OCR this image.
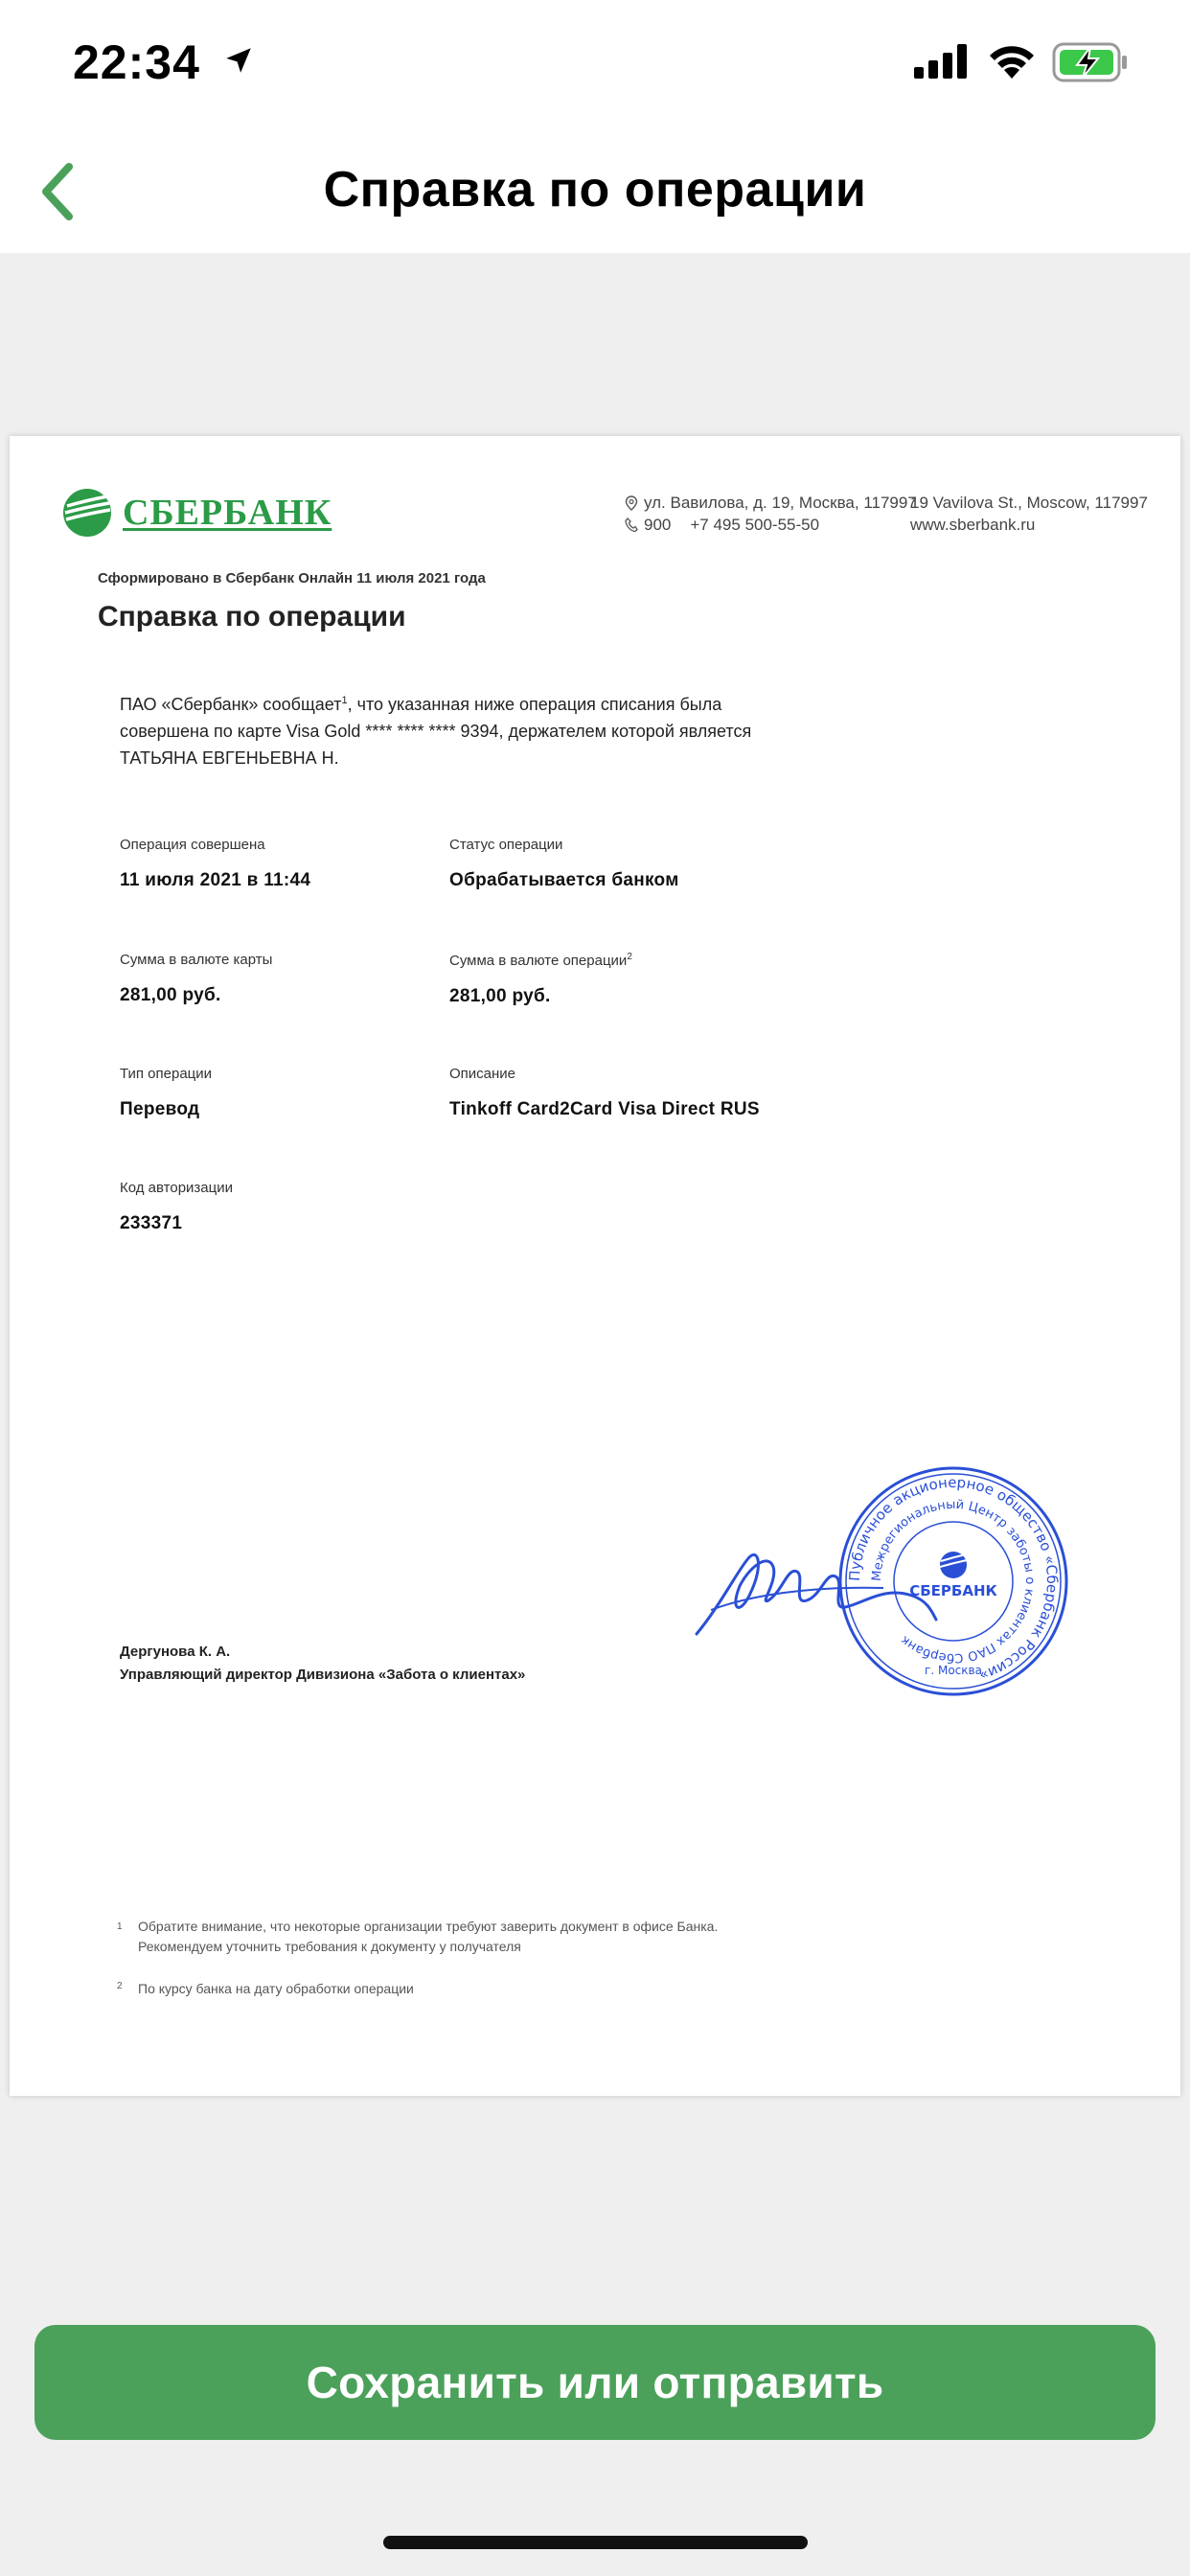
22:34
Справка по операции
СБЕРБАНК	ул. Вавилова, д. 19, Москва, 117997
900 +7 495 500-55-50
19 Vavilova St., Moscow, 117997
www.sberbank.ru
Сформировано в Сбербанк Онлайн 11 июля 2021 года
Справка по операции
ПАО «Сбербанк» сообщает$^1$, что указанная ниже операция списания была совершена по карте Visa Gold **** **** **** 9394, держателем которой является ТАТЬЯНА ЕВГЕНЬЕВНА Н.
Операция совершена
11 июля 2021 в 11:44
Статус операции
Обрабатывается банком
Сумма в валюте карты
281,00 руб.
Сумма в валюте операции$^2$
281,00 руб.
Тип операции
Перевод
Описание
Tinkoff Card2Card Visa Direct RUS
Код авторизации
233371
Публичное акционерное общество «Сбербанк России»
Межрегиональный Центр заботы о клиентах ПАО Сбербанк
СБЕРБАНК
г. Москва
Дергунова К. А.
Управляющий директор Дивизиона «Забота о клиентах»
1	Обратите внимание, что некоторые организации требуют заверить документ в офисе Банка. Рекомендуем уточнить требования к документу у получателя
2	По курсу банка на дату обработки операции
Сохранить или отправить
